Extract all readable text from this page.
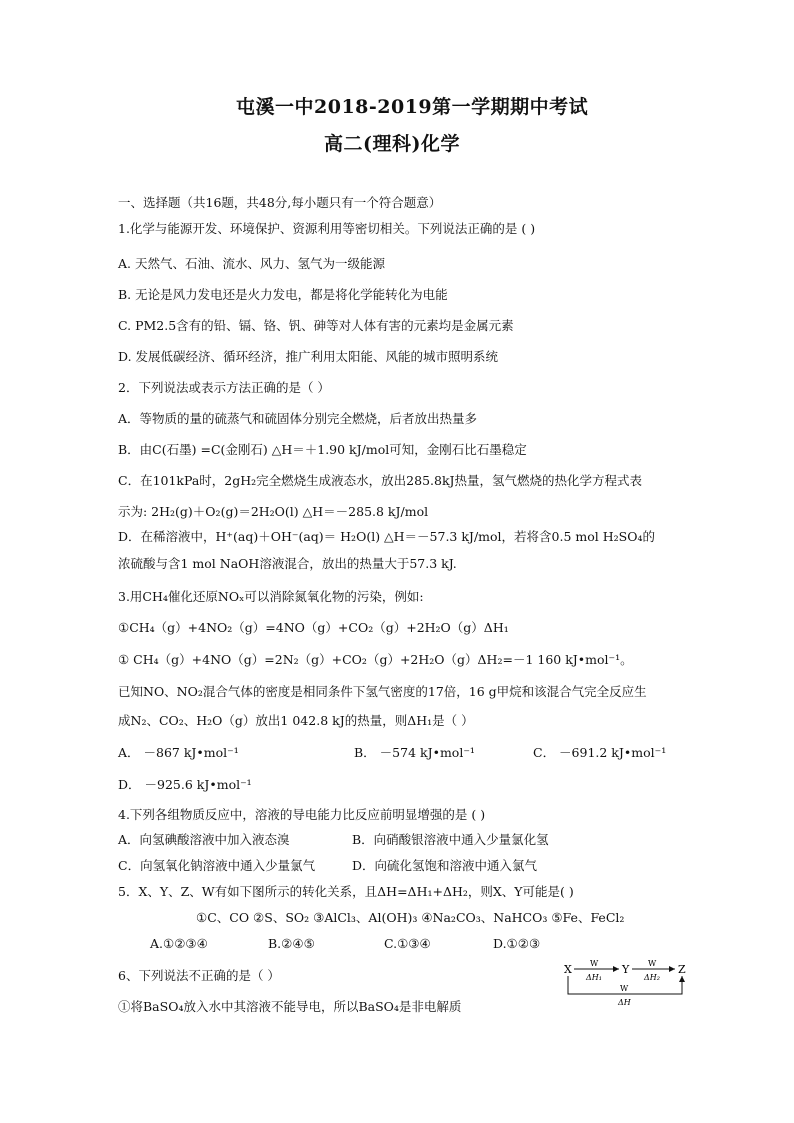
屯溪一中2018-2019第一学期期中考试
高二(理科)化学
一、选择题（共16题，共48分,每小题只有一个符合题意）
1.化学与能源开发、环境保护、资源利用等密切相关。下列说法正确的是 ( )
A. 天然气、石油、流水、风力、氢气为一级能源
B. 无论是风力发电还是火力发电，都是将化学能转化为电能
C. PM2.5含有的铅、镉、铬、钒、砷等对人体有害的元素均是金属元素
D. 发展低碳经济、循环经济，推广利用太阳能、风能的城市照明系统
2．下列说法或表示方法正确的是（ ）
A．等物质的量的硫蒸气和硫固体分别完全燃烧，后者放出热量多
B．由C(石墨) =C(金刚石) △H＝＋1.90 kJ/mol可知，金刚石比石墨稳定
C．在101kPa时，2gH₂完全燃烧生成液态水，放出285.8kJ热量，氢气燃烧的热化学方程式表
示为: 2H₂(g)＋O₂(g)＝2H₂O(l) △H＝－285.8 kJ/mol
D．在稀溶液中，H⁺(aq)＋OH⁻(aq)＝ H₂O(l) △H＝－57.3 kJ/mol，若将含0.5 mol H₂SO₄的
浓硫酸与含1 mol NaOH溶液混合，放出的热量大于57.3 kJ.
3.用CH₄催化还原NOₓ可以消除氮氧化物的污染，例如:
①CH₄（g）+4NO₂（g）=4NO（g）+CO₂（g）+2H₂O（g）ΔH₁
① CH₄（g）+4NO（g）=2N₂（g）+CO₂（g）+2H₂O（g）ΔH₂=－1 160 kJ•mol⁻¹。
已知NO、NO₂混合气体的密度是相同条件下氢气密度的17倍，16 g甲烷和该混合气完全反应生
成N₂、CO₂、H₂O（g）放出1 042.8 kJ的热量，则ΔH₁是（ ）
A． －867 kJ•mol⁻¹	B． －574 kJ•mol⁻¹	C． －691.2 kJ•mol⁻¹
D． －925.6 kJ•mol⁻¹
4.下列各组物质反应中，溶液的导电能力比反应前明显增强的是 ( )
A．向氢碘酸溶液中加入液态溴	B．向硝酸银溶液中通入少量氯化氢
C．向氢氧化钠溶液中通入少量氯气	D．向硫化氢饱和溶液中通入氯气
5．X、Y、Z、W有如下图所示的转化关系，且ΔH=ΔH₁+ΔH₂，则X、Y可能是( )
①C、CO ②S、SO₂ ③AlCl₃、Al(OH)₃ ④Na₂CO₃、NaHCO₃ ⑤Fe、FeCl₂
A.①②③④	B.②④⑤	C.①③④	D.①②③
6、下列说法不正确的是（ ）
①将BaSO₄放入水中其溶液不能导电，所以BaSO₄是非电解质
X	Y	Z
W
ΔH₁
W
ΔH₂
W
ΔH
